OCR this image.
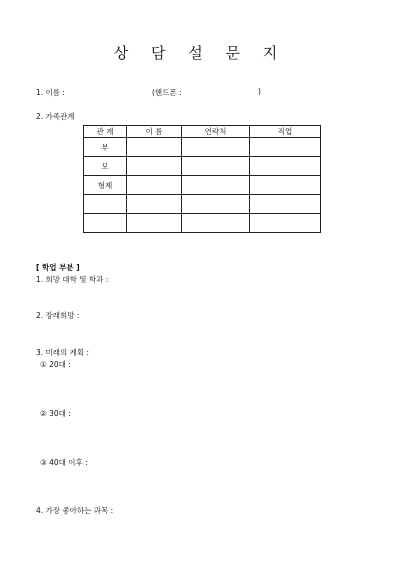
상 담 설 문 지
1. 이름 :	(핸드폰 :	)
2. 가족관계
관 계	이 름	연락처	직업
부			
모			
형제			

[ 학업 부분 ]
1. 희망 대학 및 학과 :
2. 장래희망 :
3. 미래의 계획 :
① 20대 :
② 30대 :
③ 40대 이후 :
4. 가장 좋아하는 과목 :
